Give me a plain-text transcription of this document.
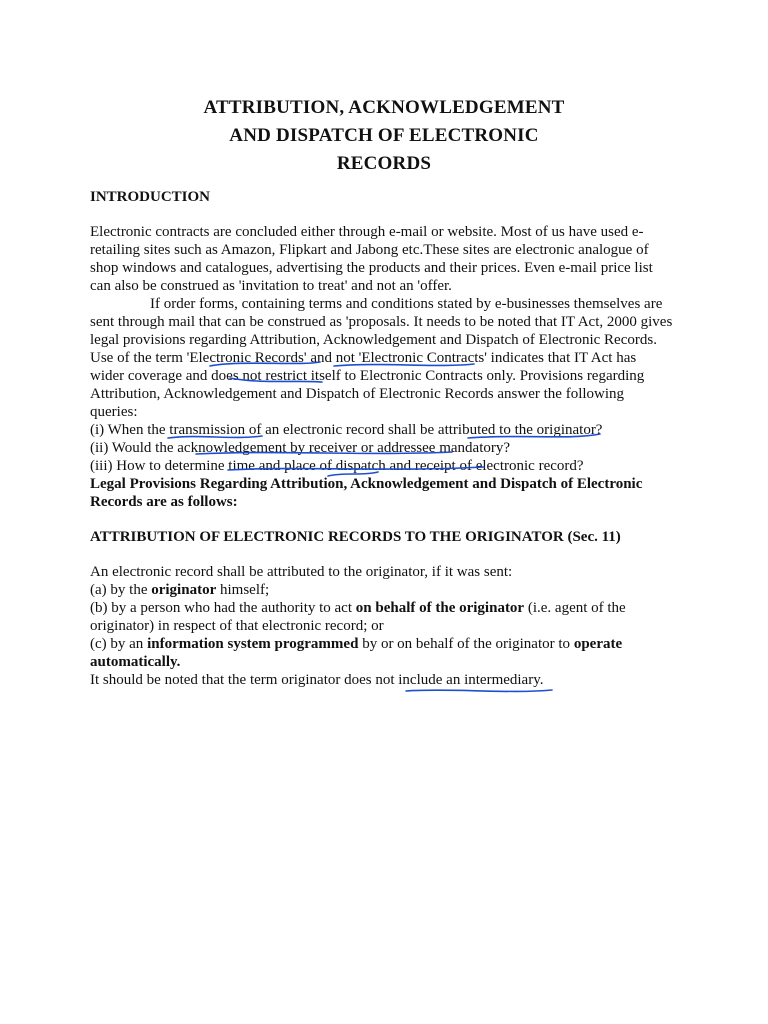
ATTRIBUTION, ACKNOWLEDGEMENT
AND DISPATCH OF ELECTRONIC
RECORDS
INTRODUCTION

Electronic contracts are concluded either through e-mail or website. Most of us have used e-
retailing sites such as Amazon, Flipkart and Jabong etc.These sites are electronic analogue of
shop windows and catalogues, advertising the products and their prices. Even e-mail price list
can also be construed as 'invitation to treat' and not an 'offer.

If order forms, containing terms and conditions stated by e-businesses themselves are
sent through mail that can be construed as 'proposals. It needs to be noted that IT Act, 2000 gives
legal provisions regarding Attribution, Acknowledgement and Dispatch of Electronic Records.
Use of the term 'Electronic Records' and not 'Electronic Contracts' indicates that IT Act has
wider coverage and does not restrict itself to Electronic Contracts only. Provisions regarding
Attribution, Acknowledgement and Dispatch of Electronic Records answer the following
queries:
(i) When the transmission of an electronic record shall be attributed to the originator?
(ii) Would the acknowledgement by receiver or addressee mandatory?
(iii) How to determine time and place of dispatch and receipt of electronic record?
Legal Provisions Regarding Attribution, Acknowledgement and Dispatch of Electronic
Records are as follows:

ATTRIBUTION OF ELECTRONIC RECORDS TO THE ORIGINATOR (Sec. 11)

An electronic record shall be attributed to the originator, if it was sent:
(a) by the originator himself;
(b) by a person who had the authority to act on behalf of the originator (i.e. agent of the
originator) in respect of that electronic record; or
(c) by an information system programmed by or on behalf of the originator to operate
automatically.
It should be noted that the term originator does not include an intermediary.
